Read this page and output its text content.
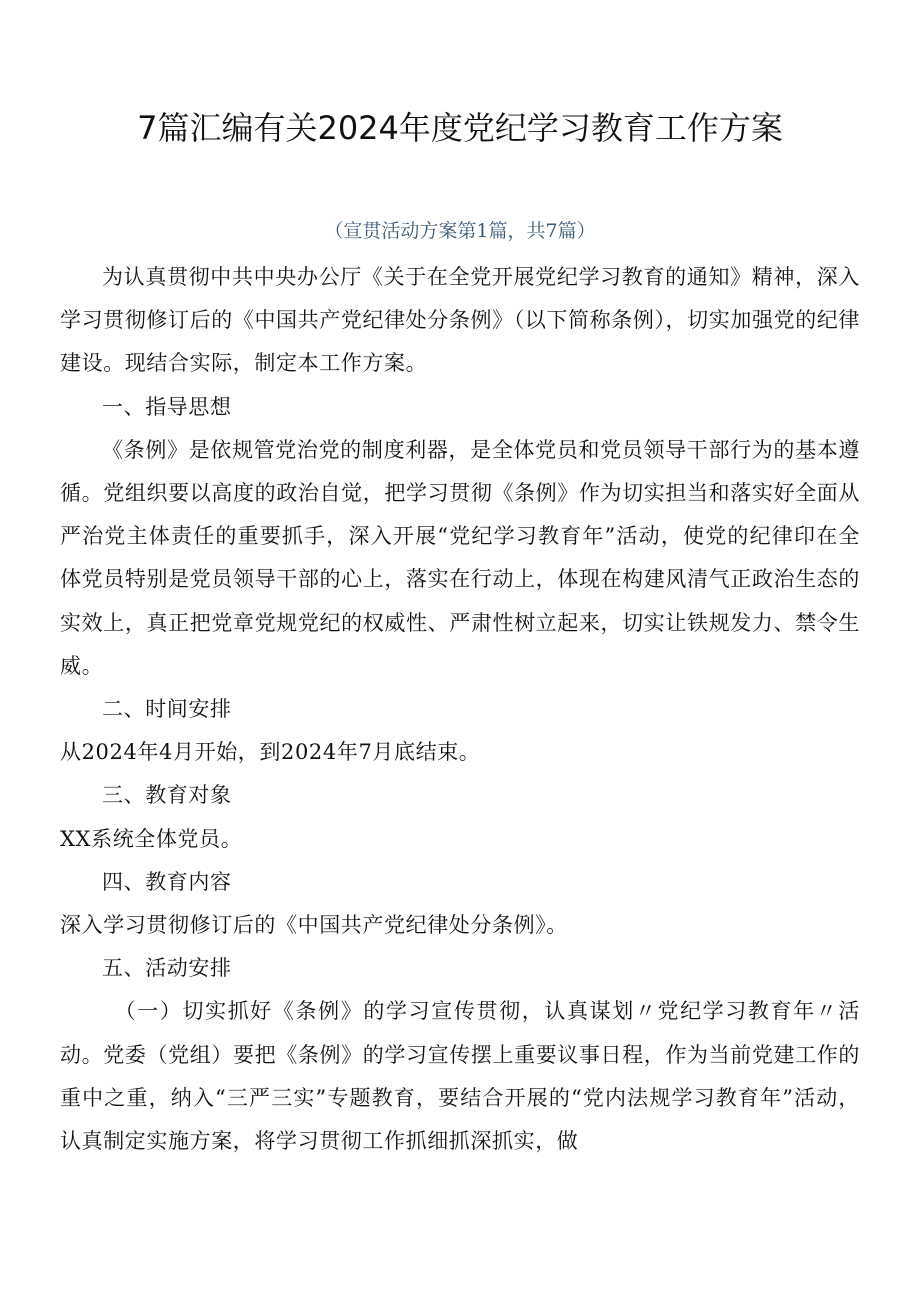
7篇汇编有关2024年度党纪学习教育工作方案
（宣贯活动方案第1篇，共7篇）

为认真贯彻中共中央办公厅《关于在全党开展党纪学习教育的通知》精神，深入学习贯彻修订后的《中国共产党纪律处分条例》（以下简称条例），切实加强党的纪律建设。现结合实际，制定本工作方案。

一、指导思想

《条例》是依规管党治党的制度利器，是全体党员和党员领导干部行为的基本遵循。党组织要以高度的政治自觉，把学习贯彻《条例》作为切实担当和落实好全面从严治党主体责任的重要抓手，深入开展“党纪学习教育年”活动，使党的纪律印在全体党员特别是党员领导干部的心上，落实在行动上，体现在构建风清气正政治生态的实效上，真正把党章党规党纪的权威性、严肃性树立起来，切实让铁规发力、禁令生威。

二、时间安排

从2024年4月开始，到2024年7月底结束。

三、教育对象

XX系统全体党员。

四、教育内容

深入学习贯彻修订后的《中国共产党纪律处分条例》。

五、活动安排

（一）切实抓好《条例》的学习宣传贯彻，认真谋划〃党纪学习教育年〃活动。党委（党组）要把《条例》的学习宣传摆上重要议事日程，作为当前党建工作的重中之重，纳入“三严三实”专题教育，要结合开展的“党内法规学习教育年”活动，认真制定实施方案，将学习贯彻工作抓细抓深抓实，做
